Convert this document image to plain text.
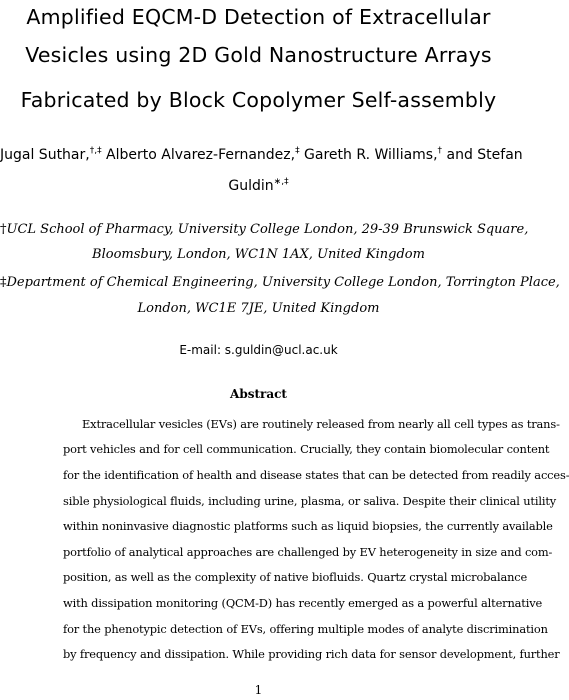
Amplified EQCM-D Detection of Extracellular
Vesicles using 2D Gold Nanostructure Arrays
Fabricated by Block Copolymer Self-assembly
Jugal Suthar,†,‡ Alberto Alvarez-Fernandez,‡ Gareth R. Williams,† and Stefan
Guldin∗,‡
†UCL School of Pharmacy, University College London, 29-39 Brunswick Square,
Bloomsbury, London, WC1N 1AX, United Kingdom
‡Department of Chemical Engineering, University College London, Torrington Place,
London, WC1E 7JE, United Kingdom
E-mail: s.guldin@ucl.ac.uk
Abstract
Extracellular vesicles (EVs) are routinely released from nearly all cell types as trans-
port vehicles and for cell communication. Crucially, they contain biomolecular content
for the identification of health and disease states that can be detected from readily acces-
sible physiological fluids, including urine, plasma, or saliva. Despite their clinical utility
within noninvasive diagnostic platforms such as liquid biopsies, the currently available
portfolio of analytical approaches are challenged by EV heterogeneity in size and com-
position, as well as the complexity of native biofluids. Quartz crystal microbalance
with dissipation monitoring (QCM-D) has recently emerged as a powerful alternative
for the phenotypic detection of EVs, offering multiple modes of analyte discrimination
by frequency and dissipation. While providing rich data for sensor development, further
1
